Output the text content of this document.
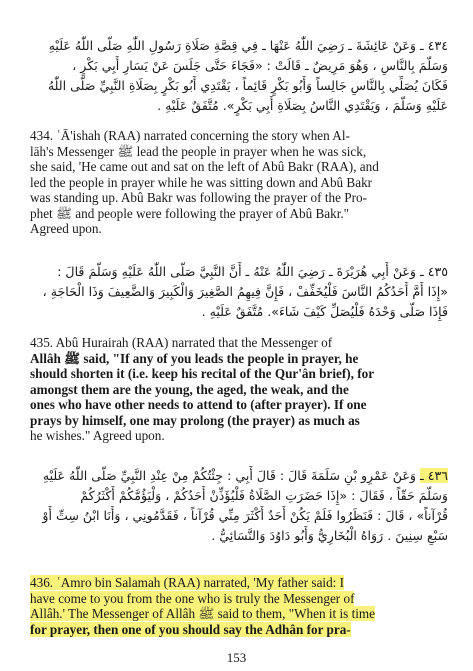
٤٣٤ ـ وَعَنْ عَائِشَةَ ـ رَضِيَ اللّٰهُ عَنْهَا ـ فِي قِصَّةِ صَلَاةِ رَسُولِ اللّٰهِ صَلَّى اللّٰهُ عَلَيْهِ
وَسَلَّمَ بِالنَّاسِ ، وَهُوَ مَرِيضٌ ـ قَالَتْ : «فَجَاءَ حَتَّى جَلَسَ عَنْ يَسَارِ أَبِي بَكْرٍ ،
فَكَانَ يُصَلِّي بِالنَّاسِ جَالِساً وَأَبُو بَكْرٍ قَائِماً ، يَقْتَدِي أَبُو بَكْرٍ بِصَلَاةِ النَّبِيِّ صَلَّى اللّٰهُ
عَلَيْهِ وَسَلَّمَ ، وَيَقْتَدِي النَّاسُ بِصَلَاةِ أَبِي بَكْرٍ». مُتَّفَقٌ عَلَيْهِ .
434. ʿĀ'ishah (RAA) narrated concerning the story when Al-
lāh's Messenger ﷺ lead the people in prayer when he was sick,
she said, 'He came out and sat on the left of Abû Bakr (RAA), and
led the people in prayer while he was sitting down and Abû Bakr
was standing up. Abû Bakr was following the prayer of the Pro-
phet ﷺ and people were following the prayer of Abû Bakr."
Agreed upon.
٤٣٥ ـ وَعَنْ أَبِي هُرَيْرَةَ ـ رَضِيَ اللّٰهُ عَنْهُ ـ أَنَّ النَّبِيَّ صَلَّى اللّٰهُ عَلَيْهِ وَسَلَّمَ قَالَ :
«إِذَا أَمَّ أَحَدُكُمُ النَّاسَ فَلْيُخَفِّفْ ، فَإِنَّ فِيهِمُ الصَّغِيرَ وَالْكَبِيرَ وَالضَّعِيفَ وَذَا الْحَاجَةِ ،
فَإِذَا صَلَّى وَحْدَهُ فَلْيُصَلِّ كَيْفَ شَاءَ». مُتَّفَقٌ عَلَيْهِ .
435. Abû Hurairah (RAA) narrated that the Messenger of
Allâh ﷺ said, "If any of you leads the people in prayer, he
should shorten it (i.e. keep his recital of the Qur'ân brief), for
amongst them are the young, the aged, the weak, and the
ones who have other needs to attend to (after prayer). If one
prays by himself, one may prolong (the prayer) as much as
he wishes." Agreed upon.
٤٣٦ ـ وَعَنْ عَمْرِو بْنِ سَلَمَةَ قَالَ : قَالَ أَبِي : جِئْتُكُمْ مِنْ عِنْدِ النَّبِيِّ صَلَّى اللّٰهُ عَلَيْهِ
وَسَلَّمَ حَقّاً ، فَقَالَ : «إِذَا حَضَرَتِ الصَّلَاةُ فَلْيُؤَذِّنْ أَحَدُكُمْ ، وَلْيَؤُمَّكُمْ أَكْثَرُكُمْ
قُرْآناً» ، قَالَ : فَنَظَرُوا فَلَمْ يَكُنْ أَحَدٌ أَكْثَرَ مِنِّي قُرْآناً ، فَقَدَّمُونِي ، وَأَنَا ابْنُ سِتِّ أَوْ
سَبْعِ سِنِينَ . رَوَاهُ الْبُخَارِيُّ وَأَبُو دَاوُدَ وَالنَّسَائِيُّ .
436. ʿAmro bin Salamah (RAA) narrated, 'My father said: I
have come to you from the one who is truly the Messenger of
Allâh.' The Messenger of Allâh ﷺ said to them, "When it is time
for prayer, then one of you should say the Adhân for pra-
153
